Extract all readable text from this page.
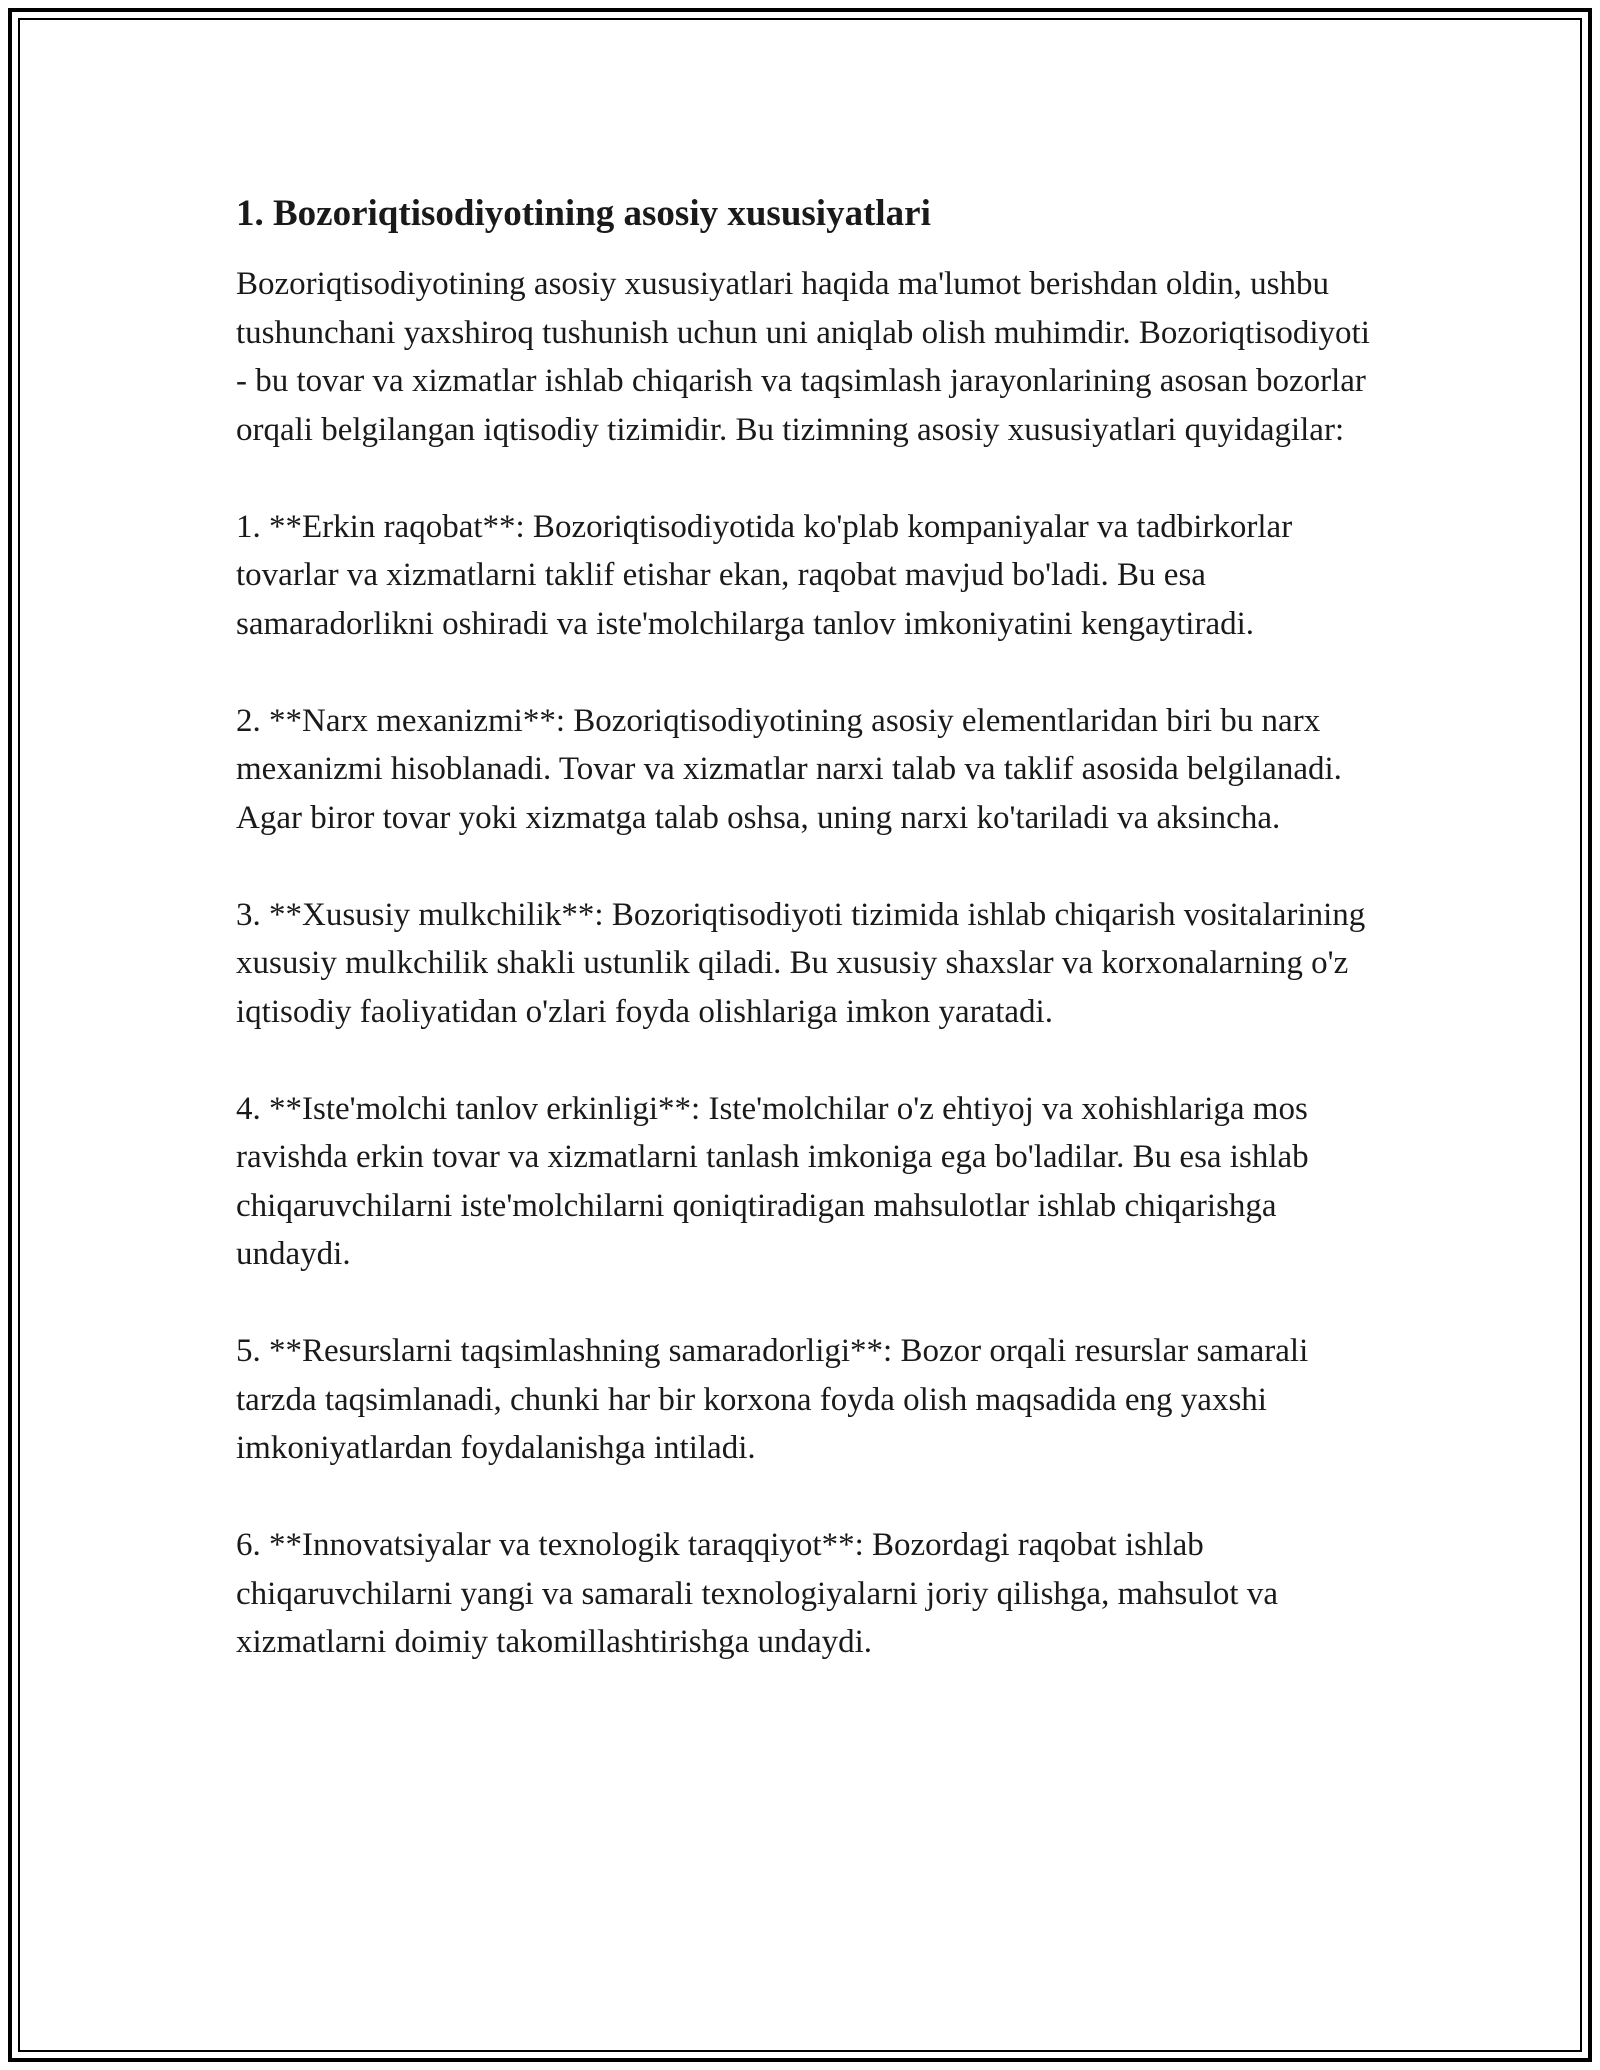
1. Bozoriqtisodiyotining asosiy xususiyatlari

Bozoriqtisodiyotining asosiy xususiyatlari haqida ma'lumot berishdan oldin, ushbu tushunchani yaxshiroq tushunish uchun uni aniqlab olish muhimdir. Bozoriqtisodiyoti - bu tovar va xizmatlar ishlab chiqarish va taqsimlash jarayonlarining asosan bozorlar orqali belgilangan iqtisodiy tizimidir. Bu tizimning asosiy xususiyatlari quyidagilar:

1. **Erkin raqobat**: Bozoriqtisodiyotida ko'plab kompaniyalar va tadbirkorlar tovarlar va xizmatlarni taklif etishar ekan, raqobat mavjud bo'ladi. Bu esa samaradorlikni oshiradi va iste'molchilarga tanlov imkoniyatini kengaytiradi.

2. **Narx mexanizmi**: Bozoriqtisodiyotining asosiy elementlaridan biri bu narx mexanizmi hisoblanadi. Tovar va xizmatlar narxi talab va taklif asosida belgilanadi. Agar biror tovar yoki xizmatga talab oshsa, uning narxi ko'tariladi va aksincha.

3. **Xususiy mulkchilik**: Bozoriqtisodiyoti tizimida ishlab chiqarish vositalarining xususiy mulkchilik shakli ustunlik qiladi. Bu xususiy shaxslar va korxonalarning o'z iqtisodiy faoliyatidan o'zlari foyda olishlariga imkon yaratadi.

4. **Iste'molchi tanlov erkinligi**: Iste'molchilar o'z ehtiyoj va xohishlariga mos ravishda erkin tovar va xizmatlarni tanlash imkoniga ega bo'ladilar. Bu esa ishlab chiqaruvchilarni iste'molchilarni qoniqtiradigan mahsulotlar ishlab chiqarishga undaydi.

5. **Resurslarni taqsimlashning samaradorligi**: Bozor orqali resurslar samarali tarzda taqsimlanadi, chunki har bir korxona foyda olish maqsadida eng yaxshi imkoniyatlardan foydalanishga intiladi.

6. **Innovatsiyalar va texnologik taraqqiyot**: Bozordagi raqobat ishlab chiqaruvchilarni yangi va samarali texnologiyalarni joriy qilishga, mahsulot va xizmatlarni doimiy takomillashtirishga undaydi.
